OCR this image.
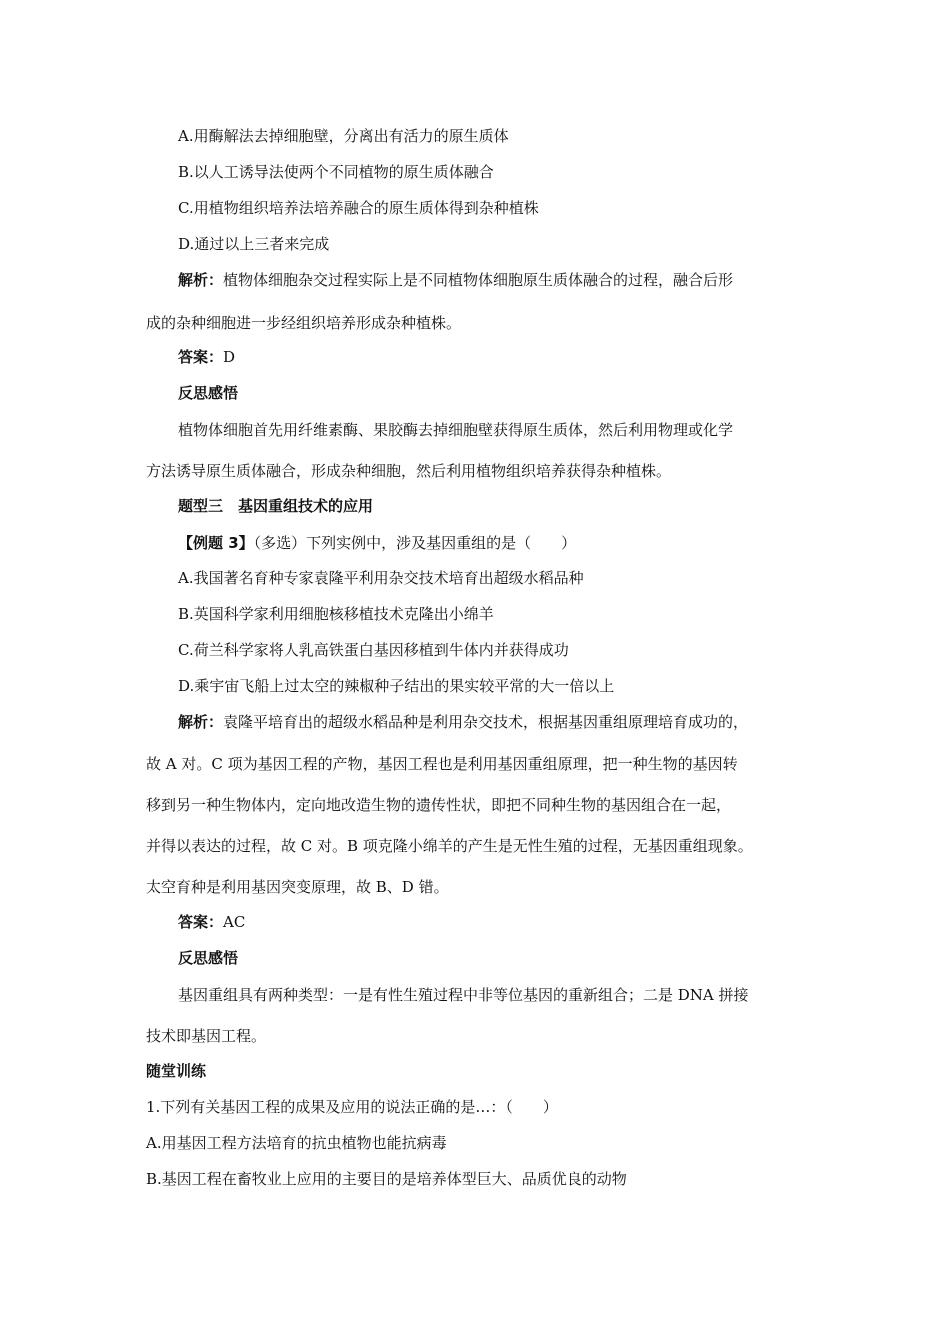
A.用酶解法去掉细胞壁，分离出有活力的原生质体
B.以人工诱导法使两个不同植物的原生质体融合
C.用植物组织培养法培养融合的原生质体得到杂种植株
D.通过以上三者来完成
解析：植物体细胞杂交过程实际上是不同植物体细胞原生质体融合的过程，融合后形
成的杂种细胞进一步经组织培养形成杂种植株。
答案：D
反思感悟
植物体细胞首先用纤维素酶、果胶酶去掉细胞壁获得原生质体，然后利用物理或化学
方法诱导原生质体融合，形成杂种细胞，然后利用植物组织培养获得杂种植株。
题型三　基因重组技术的应用
【例题 3】（多选）下列实例中，涉及基因重组的是（　　）
A.我国著名育种专家袁隆平利用杂交技术培育出超级水稻品种
B.英国科学家利用细胞核移植技术克隆出小绵羊
C.荷兰科学家将人乳高铁蛋白基因移植到牛体内并获得成功
D.乘宇宙飞船上过太空的辣椒种子结出的果实较平常的大一倍以上
解析：袁隆平培育出的超级水稻品种是利用杂交技术，根据基因重组原理培育成功的，
故 A 对。C 项为基因工程的产物，基因工程也是利用基因重组原理，把一种生物的基因转
移到另一种生物体内，定向地改造生物的遗传性状，即把不同种生物的基因组合在一起，
并得以表达的过程，故 C 对。B 项克隆小绵羊的产生是无性生殖的过程，无基因重组现象。
太空育种是利用基因突变原理，故 B、D 错。
答案：AC
反思感悟
基因重组具有两种类型：一是有性生殖过程中非等位基因的重新组合；二是 DNA 拼接
技术即基因工程。
随堂训练
1.下列有关基因工程的成果及应用的说法正确的是…：（　　）
A.用基因工程方法培育的抗虫植物也能抗病毒
B.基因工程在畜牧业上应用的主要目的是培养体型巨大、品质优良的动物
